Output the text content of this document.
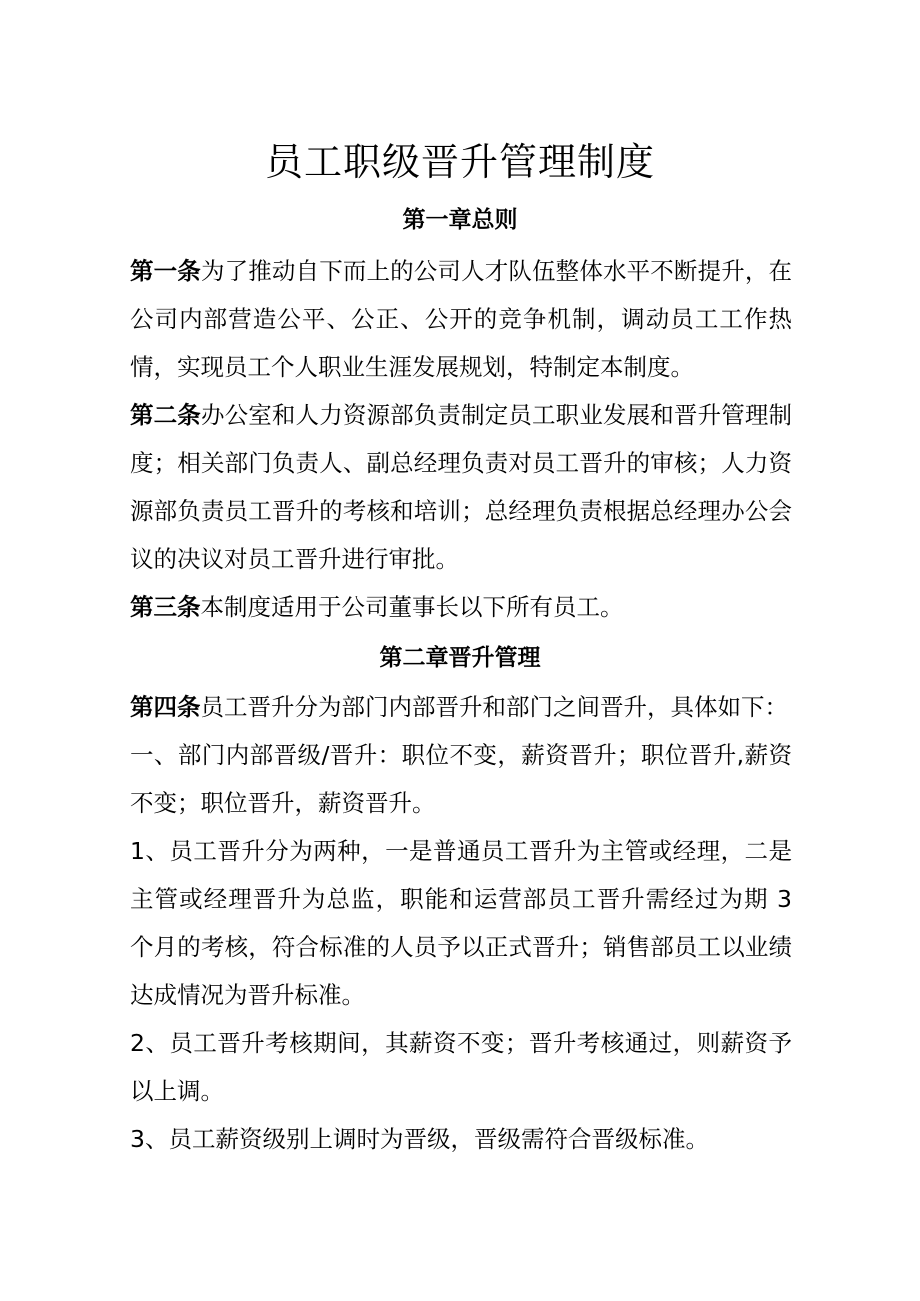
员工职级晋升管理制度
第一章总则

第一条为了推动自下而上的公司人才队伍整体水平不断提升，在公司内部营造公平、公正、公开的竞争机制，调动员工工作热情，实现员工个人职业生涯发展规划，特制定本制度。

第二条办公室和人力资源部负责制定员工职业发展和晋升管理制度；相关部门负责人、副总经理负责对员工晋升的审核；人力资源部负责员工晋升的考核和培训；总经理负责根据总经理办公会议的决议对员工晋升进行审批。

第三条本制度适用于公司董事长以下所有员工。

第二章晋升管理

第四条员工晋升分为部门内部晋升和部门之间晋升，具体如下：

一、部门内部晋级/晋升：职位不变，薪资晋升；职位晋升,薪资不变；职位晋升，薪资晋升。

1、员工晋升分为两种，一是普通员工晋升为主管或经理，二是主管或经理晋升为总监，职能和运营部员工晋升需经过为期 3 个月的考核，符合标准的人员予以正式晋升；销售部员工以业绩达成情况为晋升标准。

2、员工晋升考核期间，其薪资不变；晋升考核通过，则薪资予以上调。

3、员工薪资级别上调时为晋级，晋级需符合晋级标准。
